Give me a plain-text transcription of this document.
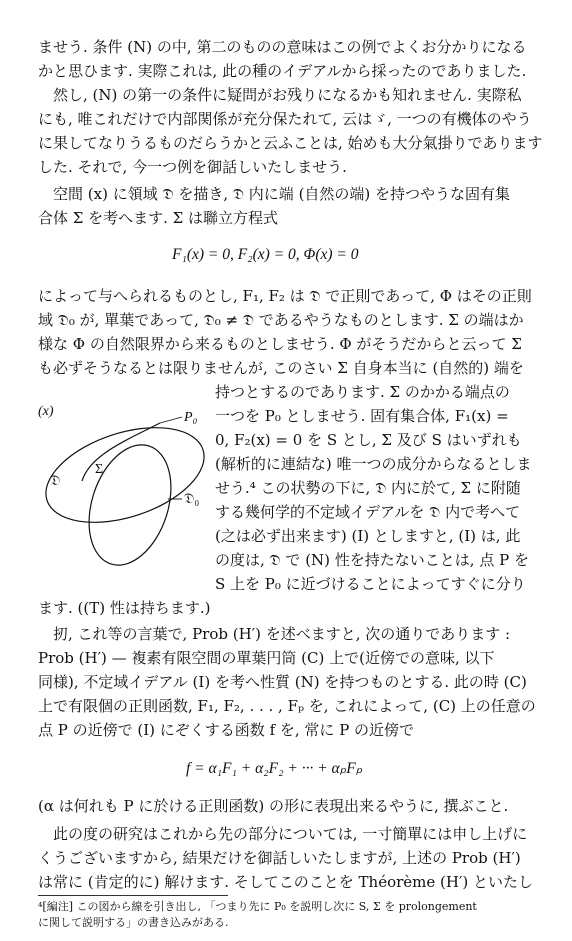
ませう. 条件 (N) の中, 第二のものの意味はこの例でよくお分かりになる
かと思ひます. 実際これは, 此の種のイデアルから採ったのでありました.
然し, (N) の第一の条件に疑問がお残りになるかも知れません. 実際私
にも, 唯これだけで内部関係が充分保たれて, 云はゞ, 一つの有機体のやう
に果してなりうるものだらうかと云ふことは, 始めも大分氣掛りであります
した. それで, 今一つ例を御話しいたしませう.
空間 (x) に領域 𝔇 を描き, 𝔇 内に端 (自然の端) を持つやうな固有集
合体 Σ を考へます. Σ は聯立方程式
F₁(x) = 0, F₂(x) = 0, Φ(x) = 0
によって与へられるものとし, F₁, F₂ は 𝔇 で正則であって, Φ はその正則
域 𝔇₀ が, 單葉であって, 𝔇₀ ≠ 𝔇 であるやうなものとします. Σ の端はか
様な Φ の自然限界から来るものとしませう. Φ がそうだからと云って Σ
も必ずそうなるとは限りませんが, このさい Σ 自身本当に (自然的) 端を
持つとするのであります. Σ のかかる端点の
一つを P₀ としませう. 固有集合体, F₁(x) =
0, F₂(x) = 0 を S とし, Σ 及び S はいずれも
(解析的に連結な) 唯一つの成分からなるとしま
せう.⁴ この状勢の下に, 𝔇 内に於て, Σ に附随
する幾何学的不定域イデアルを 𝔇 内で考へて
(之は必ず出来ます) (I) としますと, (I) は, 此
の度は, 𝔇 で (N) 性を持たないことは, 点 P を
S 上を P₀ に近づけることによってすぐに分り
ます. ((T) 性は持ちます.)
(x)	P₀
Σ
𝔇
𝔇₀
扨, これ等の言葉で, Prob (H′) を述べますと, 次の通りであります :
Prob (H′) — 複素有限空間の單葉円筒 (C) 上で(近傍での意味, 以下
同様), 不定域イデアル (I) を考へ性質 (N) を持つものとする. 此の時 (C)
上で有限個の正則函数, F₁, F₂, . . . , Fₚ を, これによって, (C) 上の任意の
点 P の近傍で (I) にぞくする函数 f を, 常に P の近傍で
f = α₁F₁ + α₂F₂ + ··· + αₚFₚ
(α は何れも P に於ける正則函数) の形に表現出来るやうに, 撰ぶこと.
此の度の研究はこれから先の部分については, 一寸簡單には申し上げに
くうございますから, 結果だけを御話しいたしますが, 上述の Prob (H′)
は常に (肯定的に) 解けます. そしてこのことを Théorème (H′) といたし
⁴[編注] この図から線を引き出し, 「つまり先に P₀ を説明し次に S, Σ を prolongement
に関して説明する」の書き込みがある.
